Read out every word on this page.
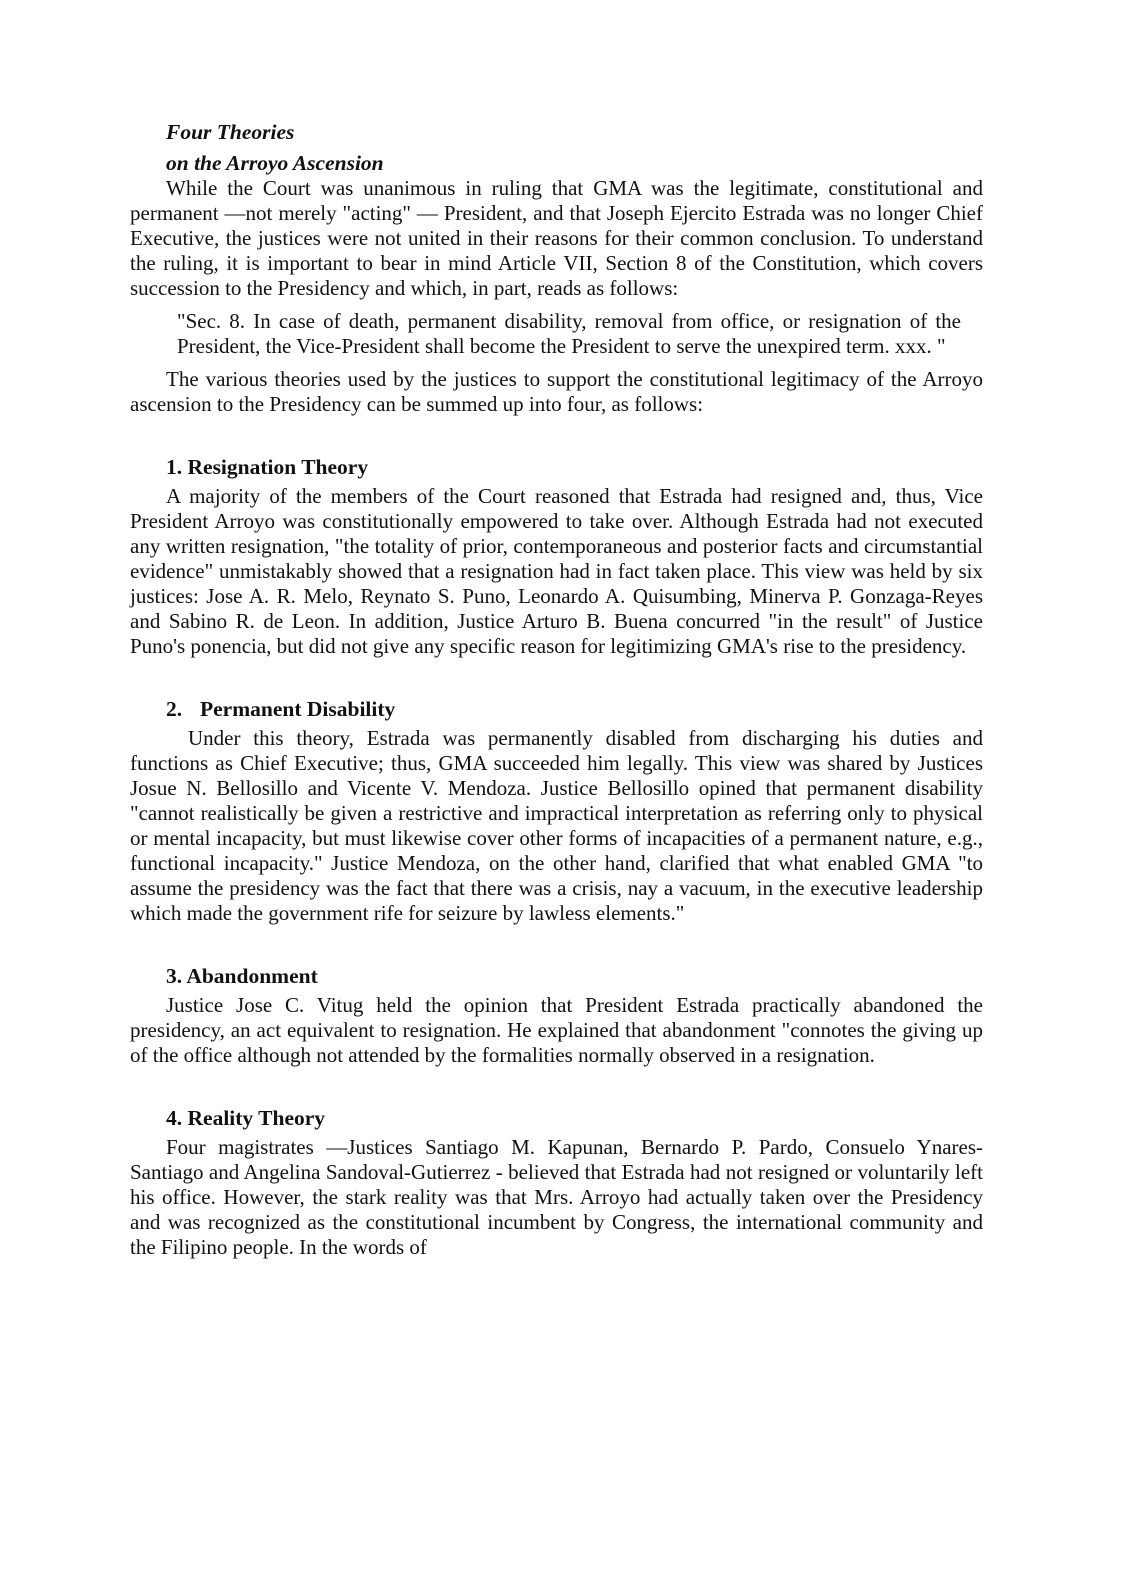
Four Theories
on the Arroyo Ascension

While the Court was unanimous in ruling that GMA was the legitimate, constitutional and permanent —not merely "acting" — President, and that Joseph Ejercito Estrada was no longer Chief Executive, the justices were not united in their reasons for their common conclusion. To understand the ruling, it is important to bear in mind Article VII, Section 8 of the Constitution, which covers succession to the Presidency and which, in part, reads as follows:

"Sec. 8. In case of death, permanent disability, removal from office, or resignation of the President, the Vice-President shall become the President to serve the unexpired term. xxx. "

The various theories used by the justices to support the constitutional legitimacy of the Arroyo ascension to the Presidency can be summed up into four, as follows:

1. Resignation Theory

A majority of the members of the Court reasoned that Estrada had resigned and, thus, Vice President Arroyo was constitutionally empowered to take over. Although Estrada had not executed any written resignation, "the totality of prior, contemporaneous and posterior facts and circumstantial evidence" unmistakably showed that a resignation had in fact taken place. This view was held by six justices: Jose A. R. Melo, Reynato S. Puno, Leonardo A. Quisumbing, Minerva P. Gonzaga-Reyes and Sabino R. de Leon. In addition, Justice Arturo B. Buena concurred "in the result" of Justice Puno's ponencia, but did not give any specific reason for legitimizing GMA's rise to the presidency.

2. Permanent Disability

Under this theory, Estrada was permanently disabled from discharging his duties and functions as Chief Executive; thus, GMA succeeded him legally. This view was shared by Justices Josue N. Bellosillo and Vicente V. Mendoza. Justice Bellosillo opined that permanent disability "cannot realistically be given a restrictive and impractical interpretation as referring only to physical or mental incapacity, but must likewise cover other forms of incapacities of a permanent nature, e.g., functional incapacity." Justice Mendoza, on the other hand, clarified that what enabled GMA "to assume the presidency was the fact that there was a crisis, nay a vacuum, in the executive leadership which made the government rife for seizure by lawless elements."

3. Abandonment

Justice Jose C. Vitug held the opinion that President Estrada practically abandoned the presidency, an act equivalent to resignation. He explained that abandonment "connotes the giving up of the office although not attended by the formalities normally observed in a resignation.

4. Reality Theory

Four magistrates —Justices Santiago M. Kapunan, Bernardo P. Pardo, Consuelo Ynares-Santiago and Angelina Sandoval-Gutierrez - believed that Estrada had not resigned or voluntarily left his office. However, the stark reality was that Mrs. Arroyo had actually taken over the Presidency and was recognized as the constitutional incumbent by Congress, the international community and the Filipino people. In the words of
